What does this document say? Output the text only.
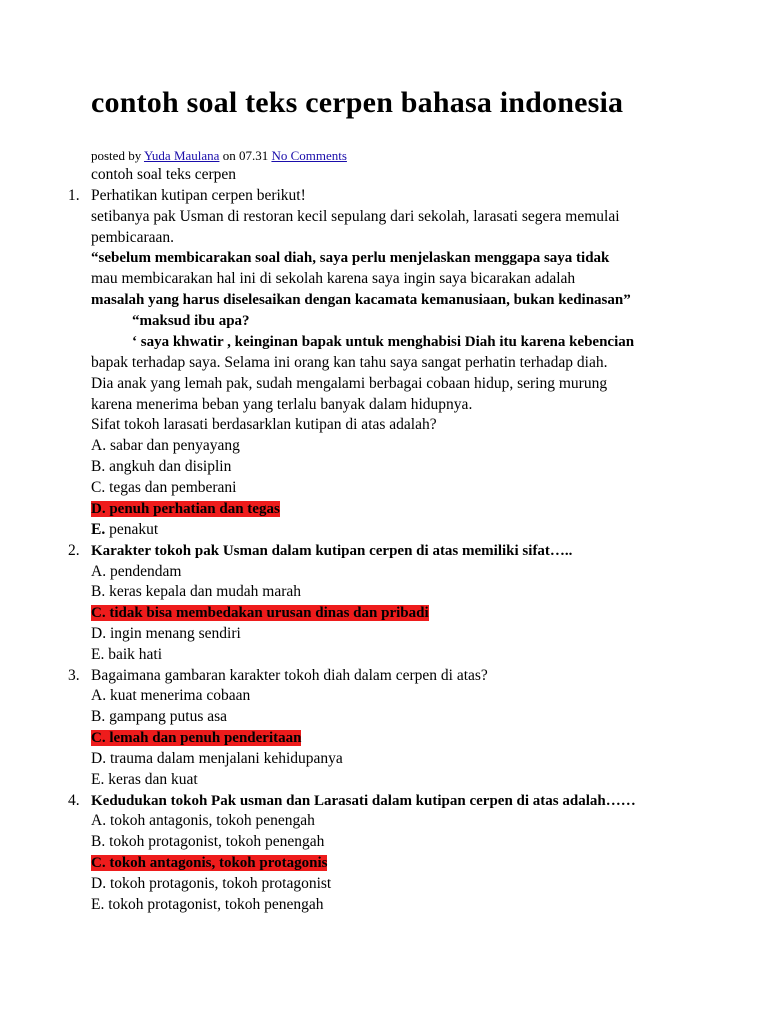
contoh soal teks cerpen bahasa indonesia
posted by Yuda Maulana on 07.31 No Comments
contoh soal teks cerpen
1. Perhatikan kutipan cerpen berikut!
setibanya pak Usman di restoran kecil sepulang dari sekolah, larasati segera memulai
pembicaraan.
“sebelum membicarakan soal diah, saya perlu menjelaskan menggapa saya tidak
mau membicarakan hal ini di sekolah karena saya ingin saya bicarakan adalah
masalah yang harus diselesaikan dengan kacamata kemanusiaan, bukan kedinasan”
“maksud ibu apa?
‘ saya khwatir , keinginan bapak untuk menghabisi Diah itu karena kebencian
bapak terhadap saya. Selama ini orang kan tahu saya sangat perhatin terhadap diah.
Dia anak yang lemah pak, sudah mengalami berbagai cobaan hidup, sering murung
karena menerima beban yang terlalu banyak dalam hidupnya.
Sifat tokoh larasati berdasarklan kutipan di atas adalah?
A. sabar dan penyayang
B. angkuh dan disiplin
C. tegas dan pemberani
D. penuh perhatian dan tegas
E. penakut
2. Karakter tokoh pak Usman dalam kutipan cerpen di atas memiliki sifat…..
A. pendendam
B. keras kepala dan mudah marah
C. tidak bisa membedakan urusan dinas dan pribadi
D. ingin menang sendiri
E. baik hati
3. Bagaimana gambaran karakter tokoh diah dalam cerpen di atas?
A. kuat menerima cobaan
B. gampang putus asa
C. lemah dan penuh penderitaan
D. trauma dalam menjalani kehidupanya
E. keras dan kuat
4. Kedudukan tokoh Pak usman dan Larasati dalam kutipan cerpen di atas adalah……
A. tokoh antagonis, tokoh penengah
B. tokoh protagonist, tokoh penengah
C. tokoh antagonis, tokoh protagonis
D. tokoh protagonis, tokoh protagonist
E. tokoh protagonist, tokoh penengah
